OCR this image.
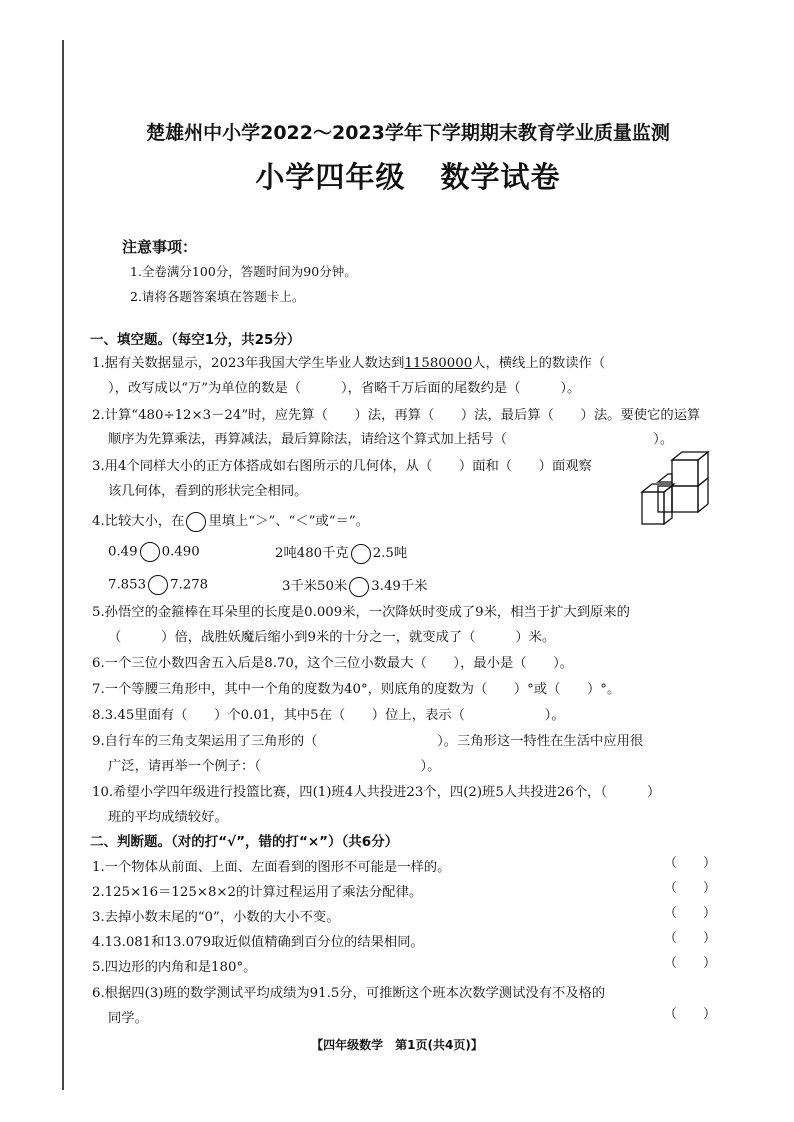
楚雄州中小学2022～2023学年下学期期末教育学业质量监测
小学四年级 数学试卷
注意事项：
1.全卷满分100分，答题时间为90分钟。
2.请将各题答案填在答题卡上。
一、填空题。（每空1分，共25分）
1.据有关数据显示，2023年我国大学生毕业人数达到11580000人，横线上的数读作（
），改写成以“万”为单位的数是（　　　），省略千万后面的尾数约是（　　　）。
2.计算“480÷12×3－24”时，应先算（　　）法，再算（　　）法，最后算（　　）法。要使它的运算
顺序为先算乘法，再算减法，最后算除法，请给这个算式加上括号（　　　　　　　　　　　）。
3.用4个同样大小的正方体搭成如右图所示的几何体，从（　　）面和（　　）面观察
该几何体，看到的形状完全相同。
4.比较大小，在 里填上“＞”、“＜”或“＝”。
0.49 0.490	2吨480千克 2.5吨
7.853 7.278	3千米50米 3.49千米
5.孙悟空的金箍棒在耳朵里的长度是0.009米，一次降妖时变成了9米，相当于扩大到原来的
（　　　）倍，战胜妖魔后缩小到9米的十分之一，就变成了（　　　）米。
6.一个三位小数四舍五入后是8.70，这个三位小数最大（　　），最小是（　　）。
7.一个等腰三角形中，其中一个角的度数为40°，则底角的度数为（　　）°或（　　）°。
8.3.45里面有（　　）个0.01，其中5在（　　）位上，表示（　　　　　　）。
9.自行车的三角支架运用了三角形的（　　　　　　　　　）。三角形这一特性在生活中应用很
广泛，请再举一个例子：（　　　　　　　　　　　　）。
10.希望小学四年级进行投篮比赛，四(1)班4人共投进23个，四(2)班5人共投进26个，（　　　）
班的平均成绩较好。
二、判断题。（对的打“√”，错的打“×”）（共6分）
1.一个物体从前面、上面、左面看到的图形不可能是一样的。	（　　）
2.125×16＝125×8×2的计算过程运用了乘法分配律。	（　　）
3.去掉小数末尾的“0”，小数的大小不变。	（　　）
4.13.081和13.079取近似值精确到百分位的结果相同。	（　　）
5.四边形的内角和是180°。	（　　）
6.根据四(3)班的数学测试平均成绩为91.5分，可推断这个班本次数学测试没有不及格的
同学。	（　　）
【四年级数学　第1页(共4页)】
